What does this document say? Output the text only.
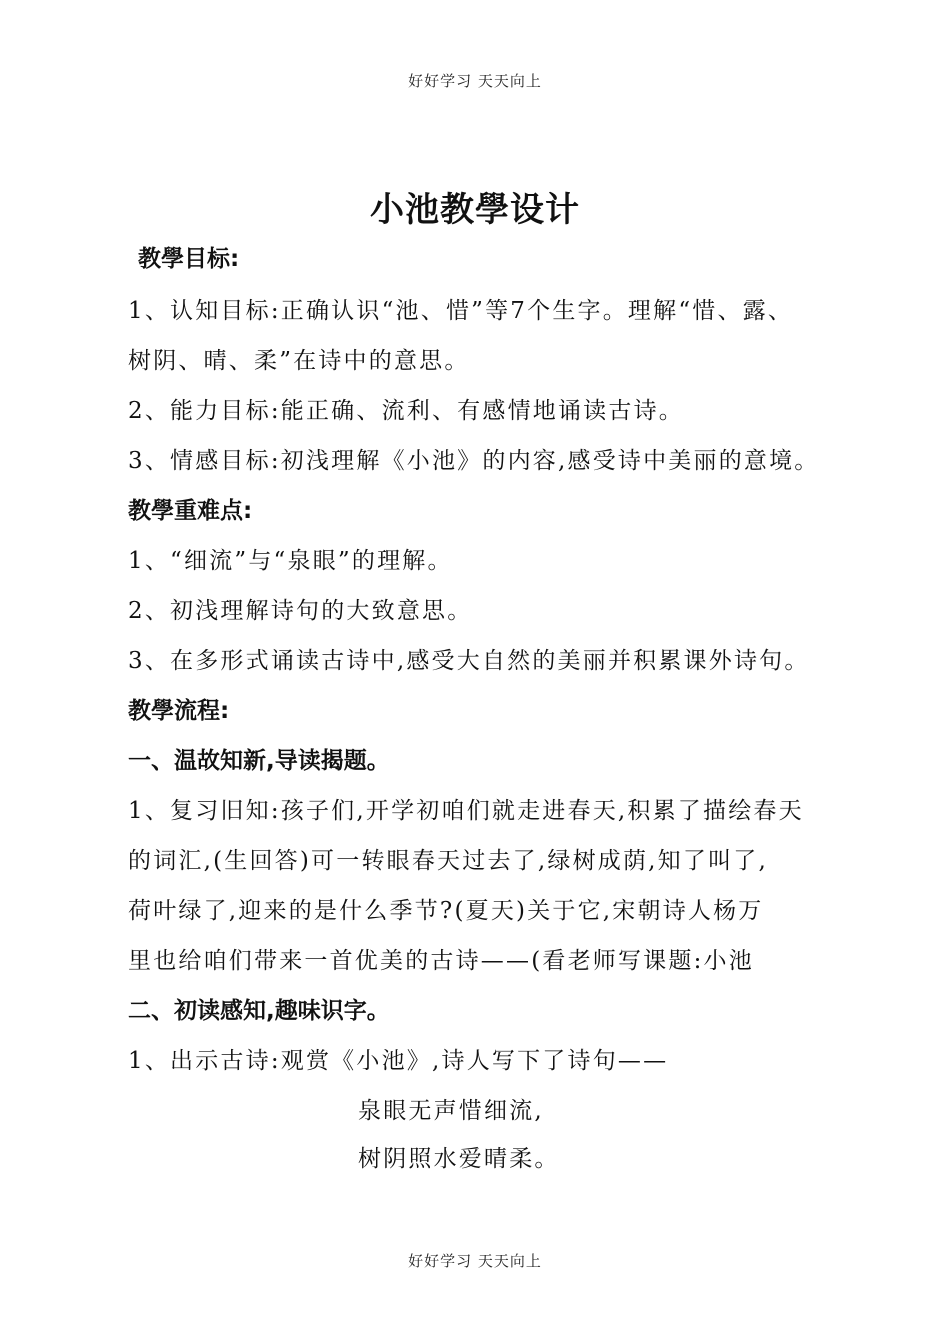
好好学习 天天向上
小池教學设计
教學目标:
1、认知目标:正确认识“池、惜”等7个生字。理解“惜、露、
树阴、晴、柔”在诗中的意思。
2、能力目标:能正确、流利、有感情地诵读古诗。
3、情感目标:初浅理解《小池》的内容,感受诗中美丽的意境。
教學重难点:
1、“细流”与“泉眼”的理解。
2、初浅理解诗句的大致意思。
3、在多形式诵读古诗中,感受大自然的美丽并积累课外诗句。
教學流程:
一、温故知新,导读揭题。
1、复习旧知:孩子们,开学初咱们就走进春天,积累了描绘春天
的词汇,(生回答)可一转眼春天过去了,绿树成荫,知了叫了,
荷叶绿了,迎来的是什么季节?(夏天)关于它,宋朝诗人杨万
里也给咱们带来一首优美的古诗——(看老师写课题:小池
二、初读感知,趣味识字。
1、出示古诗:观赏《小池》,诗人写下了诗句——
泉眼无声惜细流,
树阴照水爱晴柔。
好好学习 天天向上
